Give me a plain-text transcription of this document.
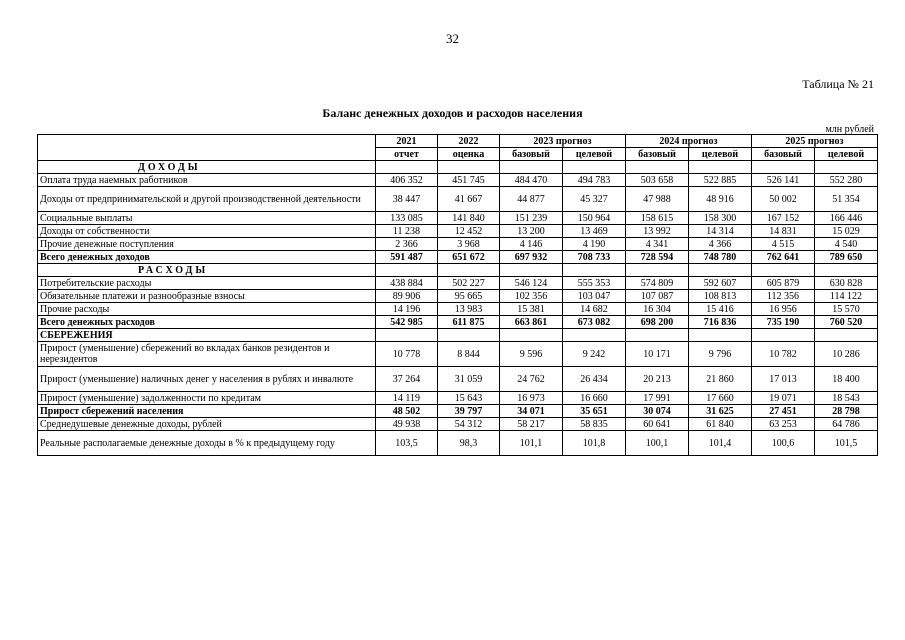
32
Таблица № 21
Баланс денежных доходов и расходов населения
млн рублей
	2021	2022	2023 прогноз		2024 прогноз		2025 прогноз	
	отчет	оценка	базовый	целевой	базовый	целевой	базовый	целевой
ДОХОДЫ								
Оплата труда наемных работников	406 352	451 745	484 470	494 783	503 658	522 885	526 141	552 280
Доходы от предпринимательской и другой производственной деятельности	38 447	41 667	44 877	45 327	47 988	48 916	50 002	51 354
Социальные выплаты	133 085	141 840	151 239	150 964	158 615	158 300	167 152	166 446
Доходы от собственности	11 238	12 452	13 200	13 469	13 992	14 314	14 831	15 029
Прочие денежные поступления	2 366	3 968	4 146	4 190	4 341	4 366	4 515	4 540
Всего денежных доходов	591 487	651 672	697 932	708 733	728 594	748 780	762 641	789 650
РАСХОДЫ								
Потребительские расходы	438 884	502 227	546 124	555 353	574 809	592 607	605 879	630 828
Обязательные платежи и разнообразные взносы	89 906	95 665	102 356	103 047	107 087	108 813	112 356	114 122
Прочие расходы	14 196	13 983	15 381	14 682	16 304	15 416	16 956	15 570
Всего денежных расходов	542 985	611 875	663 861	673 082	698 200	716 836	735 190	760 520
СБЕРЕЖЕНИЯ								
Прирост (уменьшение) сбережений во вкладах банков резидентов и нерезидентов	10 778	8 844	9 596	9 242	10 171	9 796	10 782	10 286
Прирост (уменьшение) наличных денег у населения в рублях и инвалюте	37 264	31 059	24 762	26 434	20 213	21 860	17 013	18 400
Прирост (уменьшение) задолженности по кредитам	14 119	15 643	16 973	16 660	17 991	17 660	19 071	18 543
Прирост сбережений населения	48 502	39 797	34 071	35 651	30 074	31 625	27 451	28 798
Среднедушевые денежные доходы, рублей	49 938	54 312	58 217	58 835	60 641	61 840	63 253	64 786
Реальные располагаемые денежные доходы в % к предыдущему году	103,5	98,3	101,1	101,8	100,1	101,4	100,6	101,5
